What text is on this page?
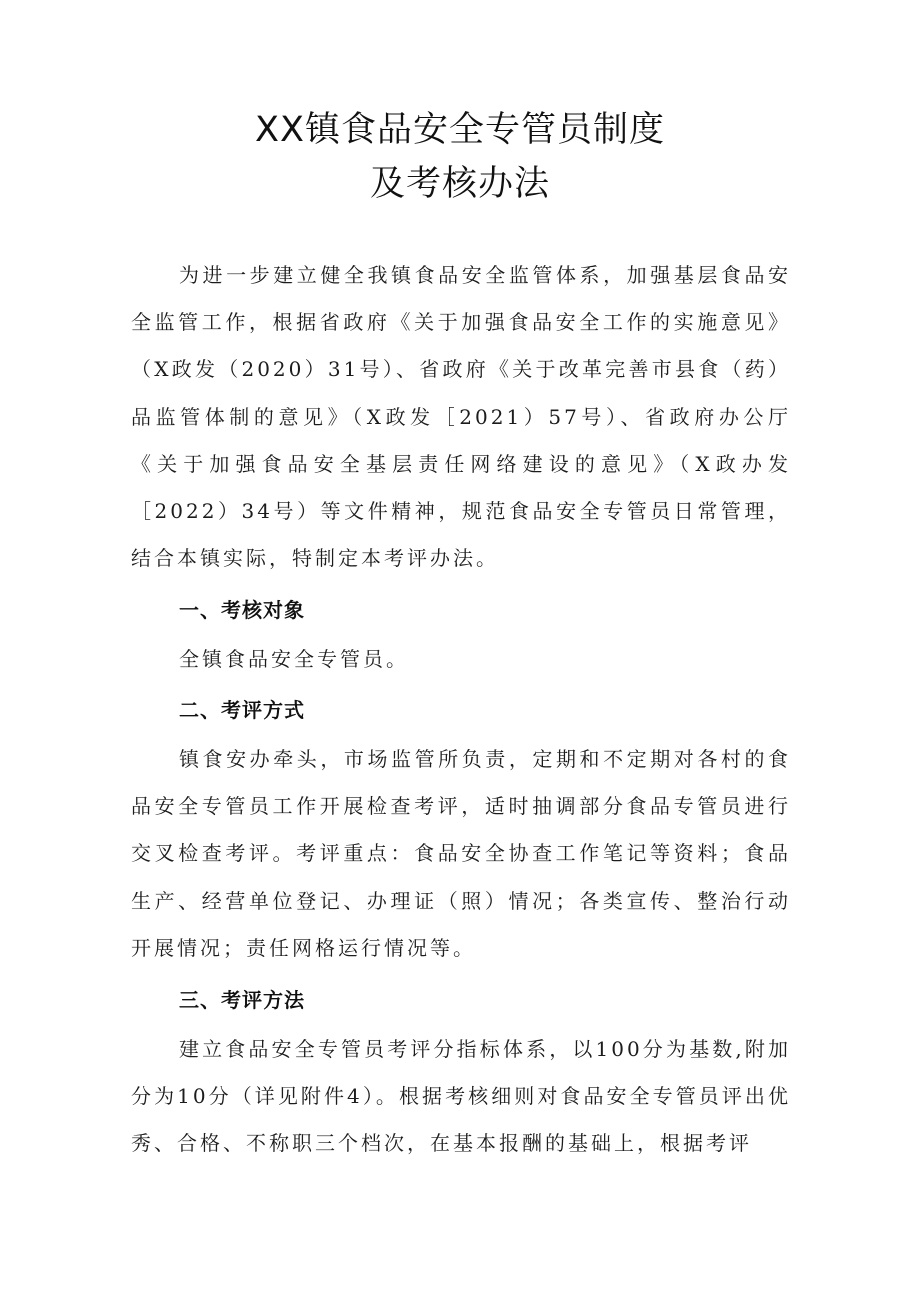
XX镇食品安全专管员制度
及考核办法

为进一步建立健全我镇食品安全监管体系，加强基层食品安全监管工作，根据省政府《关于加强食品安全工作的实施意见》（X政发（2020）31号）、省政府《关于改革完善市县食（药）品监管体制的意见》（X政发［2021）57号）、省政府办公厅《关于加强食品安全基层责任网络建设的意见》（X政办发［2022）34号）等文件精神，规范食品安全专管员日常管理，结合本镇实际，特制定本考评办法。

一、考核对象

全镇食品安全专管员。

二、考评方式

镇食安办牵头，市场监管所负责，定期和不定期对各村的食品安全专管员工作开展检查考评，适时抽调部分食品专管员进行交叉检查考评。考评重点：食品安全协查工作笔记等资料；食品生产、经营单位登记、办理证（照）情况；各类宣传、整治行动开展情况；责任网格运行情况等。

三、考评方法

建立食品安全专管员考评分指标体系，以100分为基数,附加分为10分（详见附件4）。根据考核细则对食品安全专管员评出优秀、合格、不称职三个档次，在基本报酬的基础上，根据考评
